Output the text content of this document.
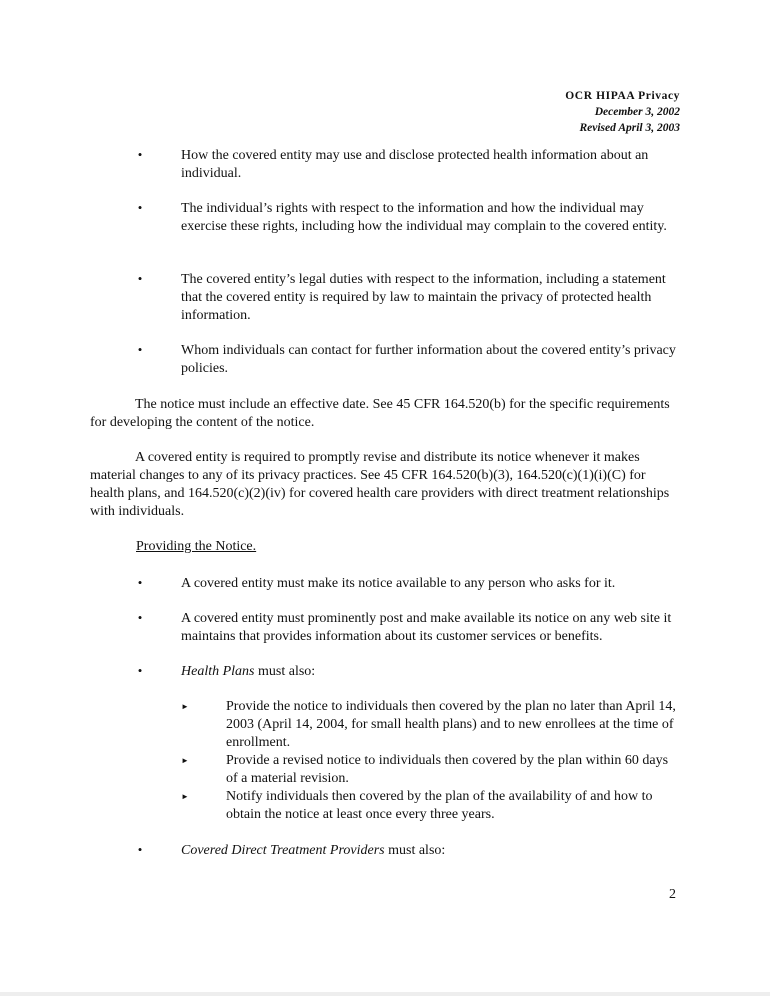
OCR HIPAA Privacy
December 3, 2002
Revised April 3, 2003
•	How the covered entity may use and disclose protected health information about an individual.
•	The individual’s rights with respect to the information and how the individual may exercise these rights, including how the individual may complain to the covered entity.
•	The covered entity’s legal duties with respect to the information, including a statement that the covered entity is required by law to maintain the privacy of protected health information.
•	Whom individuals can contact for further information about the covered entity’s privacy policies.
The notice must include an effective date. See 45 CFR 164.520(b) for the specific requirements for developing the content of the notice.
A covered entity is required to promptly revise and distribute its notice whenever it makes material changes to any of its privacy practices. See 45 CFR 164.520(b)(3), 164.520(c)(1)(i)(C) for health plans, and 164.520(c)(2)(iv) for covered health care providers with direct treatment relationships with individuals.
Providing the Notice.
•	A covered entity must make its notice available to any person who asks for it.
•	A covered entity must prominently post and make available its notice on any web site it maintains that provides information about its customer services or benefits.
•	Health Plans must also:
►	Provide the notice to individuals then covered by the plan no later than April 14, 2003 (April 14, 2004, for small health plans) and to new enrollees at the time of enrollment.
►	Provide a revised notice to individuals then covered by the plan within 60 days of a material revision.
►	Notify individuals then covered by the plan of the availability of and how to obtain the notice at least once every three years.
•	Covered Direct Treatment Providers must also:
2
